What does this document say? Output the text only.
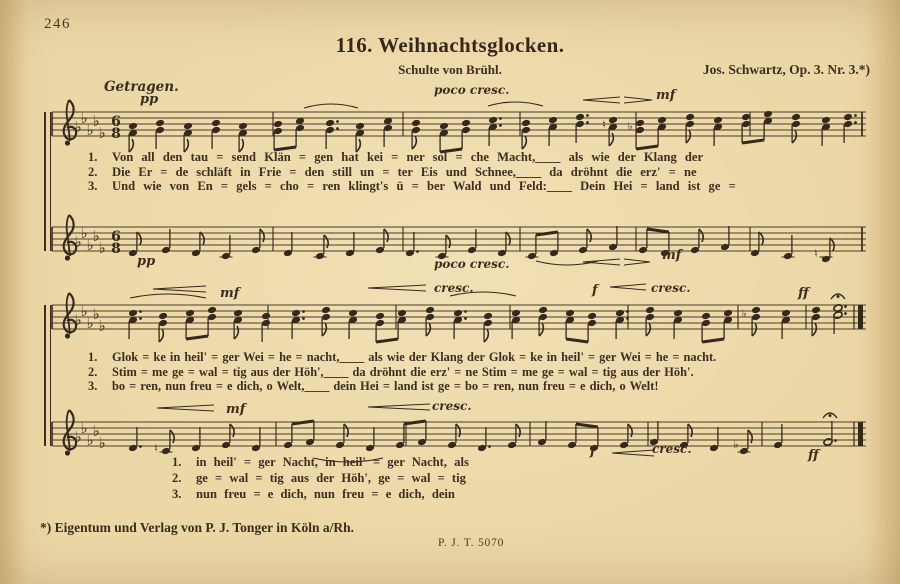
246
116. Weihnachtsglocken.
Schulte von Brühl.	Jos. Schwartz, Op. 3. Nr. 3.*)
Getragen.
♭
♭
♭
♭
♭
6
8
♮ ♭
♭
♭
♭
♭
♭
6
8	♮
♭
♭
♭
♭
♭
♭
♭
♭
♭
♭
♭	♮	♭
pp
poco cresc.	mf
pp	poco cresc.
mf
mf	cresc.	f	cresc.	ff
mf	cresc.
f	cresc.	ff
1.	Von all den tau = send Klän = gen hat kei = ner sol = che Macht,____ als wie der Klang der
2.	Die Er = de schläft in Frie = den still un = ter Eis und Schnee,____ da dröhnt die erz' = ne
3.	Und wie von En = gels = cho = ren klingt's ü = ber Wald und Feld:____ Dein Hei = land ist ge =
1.	Glok = ke in heil' = ger Wei = he = nacht,____ als wie der Klang der Glok = ke in heil' = ger Wei = he = nacht.
2.	Stim = me ge = wal = tig aus der Höh',____ da dröhnt die erz' = ne Stim = me ge = wal = tig aus der Höh'.
3.	bo = ren, nun freu = e dich, o Welt,____ dein Hei = land ist ge = bo = ren, nun freu = e dich, o Welt!
1.	in heil' = ger Nacht, in heil' = ger Nacht, als
2.	ge = wal = tig aus der Höh', ge = wal = tig
3.	nun freu = e dich, nun freu = e dich, dein
*) Eigentum und Verlag von P. J. Tonger in Köln a/Rh.
P. J. T. 5070
